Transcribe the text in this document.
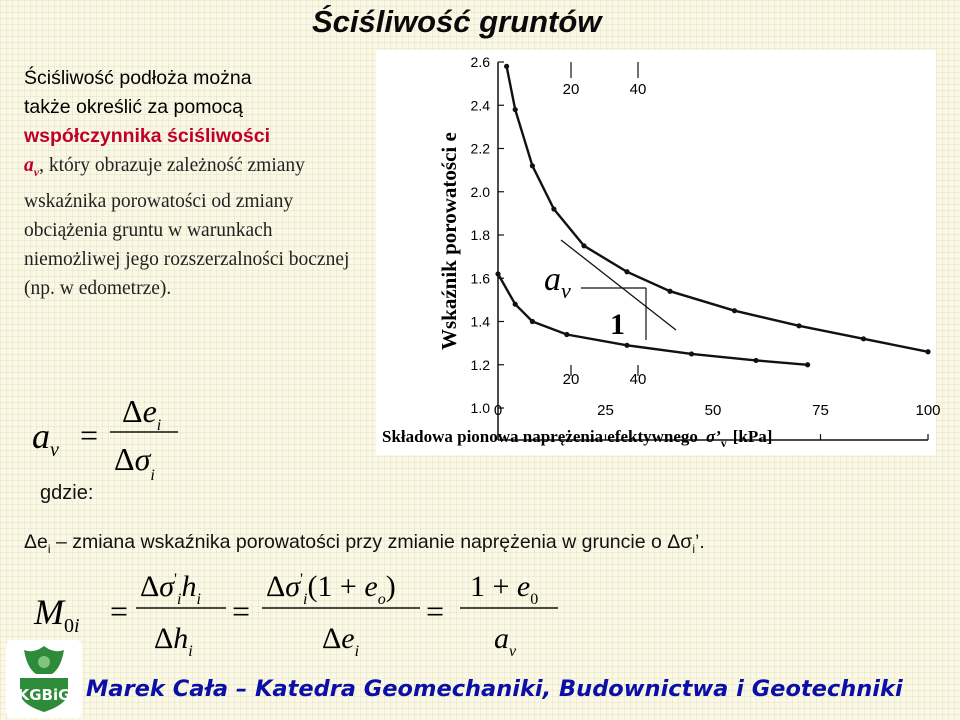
Ściśliwość gruntów
Ściśliwość podłoża można
także określić za pomocą
współczynnika ściśliwości
$a_v$, który obrazuje zależność zmiany wskaźnika porowatości od zmiany obciążenia gruntu w warunkach niemożliwej jego rozszerzalności bocznej (np. w edometrze).
2.6
2.4
2.2
2.0
1.8
1.6
1.4
1.2
1.0 0	25	50	75	100
20	40
20	40
$a_v$
1
Wskaźnik porowatości e
Składowa pionowa naprężenia efektywnego $\sigma’_v$ [kPa]
$a_v$ =
$\Delta e_i$
$\Delta\sigma_i$
gdzie:
$\Delta e_i$ – zmiana wskaźnika porowatości przy zmianie naprężenia w gruncie o $\Delta\sigma_i$’.
$M_0i$ =
$\Delta\sigma'_ih_i$
$\Delta h_i$
=
$\Delta\sigma'_i(1 + e_o)$
$\Delta e_i$
=
$1 + e_0$
$a_v$
KGBiG Marek Cała – Katedra Geomechaniki, Budownictwa i Geotechniki
